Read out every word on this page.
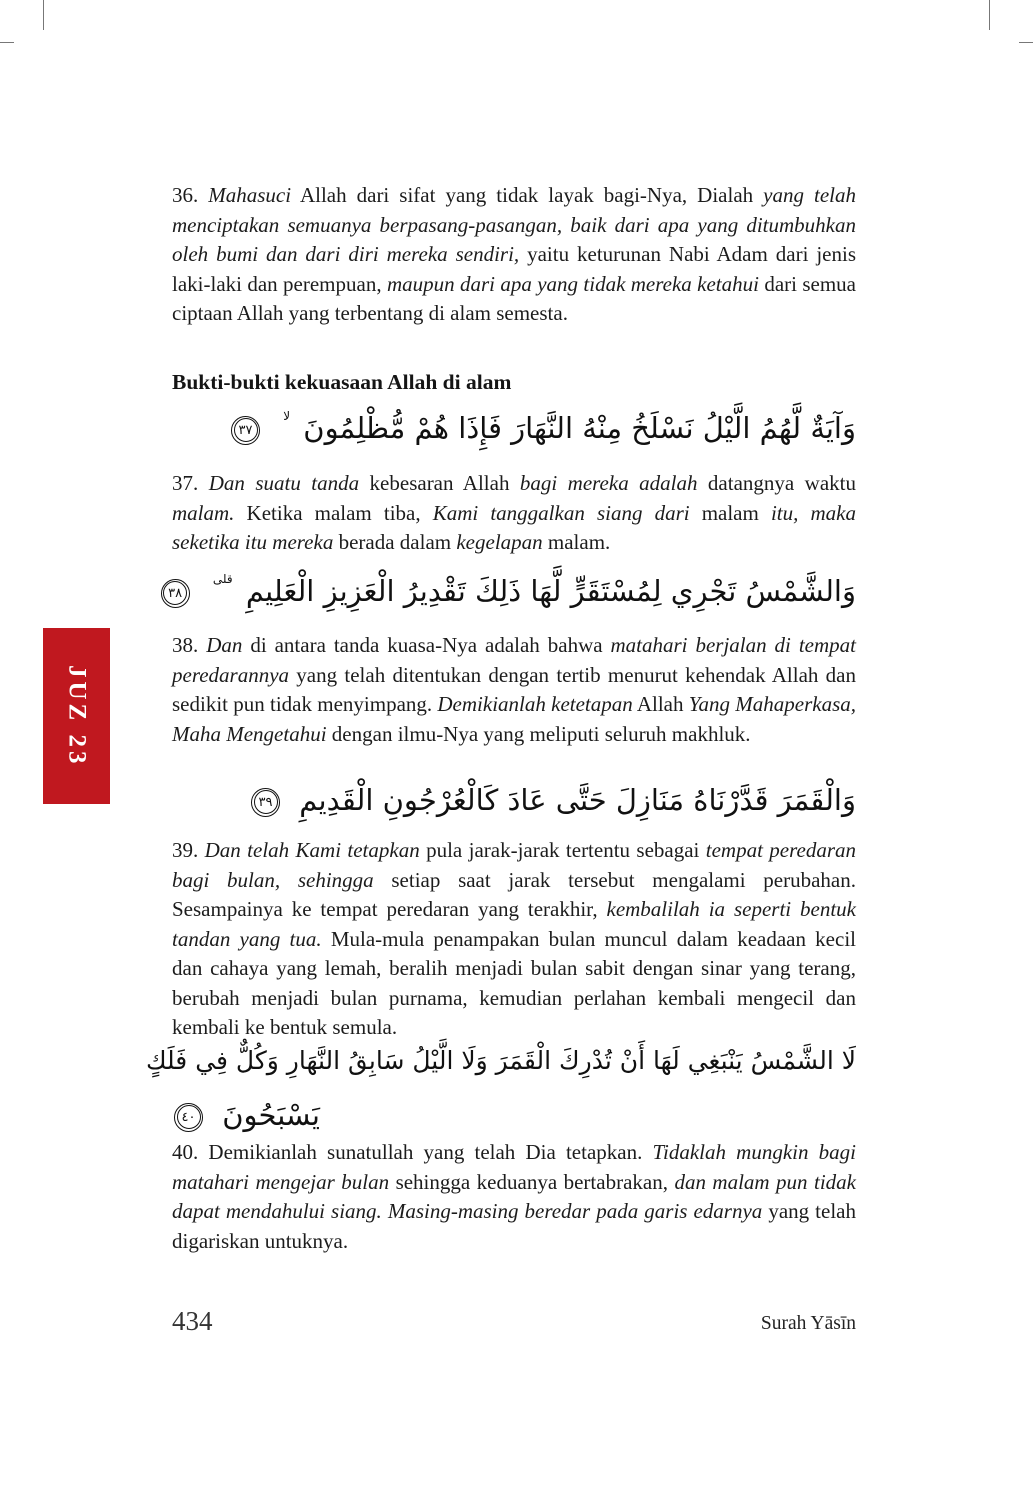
JUZ 23
36. Mahasuci Allah dari sifat yang tidak layak bagi-Nya, Dialah yang telah menciptakan semuanya berpasang-pasangan, baik dari apa yang ditumbuhkan oleh bumi dan dari diri mereka sendiri, yaitu keturunan Nabi Adam dari jenis laki-laki dan perempuan, maupun dari apa yang tidak mereka ketahui dari semua ciptaan Allah yang terbentang di alam semesta.
Bukti-bukti kekuasaan Allah di alam
وَآيَةٌ لَّهُمُ الَّيْلُ نَسْلَخُ مِنْهُ النَّهَارَ فَإِذَا هُمْ مُّظْلِمُونَ لا
٣٧
37. Dan suatu tanda kebesaran Allah bagi mereka adalah datangnya waktu malam. Ketika malam tiba, Kami tanggalkan siang dari malam itu, maka seketika itu mereka berada dalam kegelapan malam.
وَالشَّمْسُ تَجْرِي لِمُسْتَقَرٍّ لَّهَا ذَلِكَ تَقْدِيرُ الْعَزِيزِ الْعَلِيمِ قلى
٣٨
38. Dan di antara tanda kuasa-Nya adalah bahwa matahari berjalan di tempat peredarannya yang telah ditentukan dengan tertib menurut kehendak Allah dan sedikit pun tidak menyimpang. Demikianlah ketetapan Allah Yang Mahaperkasa, Maha Mengetahui dengan ilmu-Nya yang meliputi seluruh makhluk.
وَالْقَمَرَ قَدَّرْنَاهُ مَنَازِلَ حَتَّى عَادَ كَالْعُرْجُونِ الْقَدِيمِ
٣٩
39. Dan telah Kami tetapkan pula jarak-jarak tertentu sebagai tempat peredaran bagi bulan, sehingga setiap saat jarak tersebut mengalami perubahan. Sesampainya ke tempat peredaran yang terakhir, kembalilah ia seperti bentuk tandan yang tua. Mula-mula penampakan bulan muncul dalam keadaan kecil dan cahaya yang lemah, beralih menjadi bulan sabit dengan sinar yang terang, berubah menjadi bulan purnama, kemudian perlahan kembali mengecil dan kembali ke bentuk semula.
لَا الشَّمْسُ يَنْبَغِي لَهَا أَنْ تُدْرِكَ الْقَمَرَ وَلَا الَّيْلُ سَابِقُ النَّهَارِ وَكُلٌّ فِي فَلَكٍ
يَسْبَحُونَ
٤٠
40. Demikianlah sunatullah yang telah Dia tetapkan. Tidaklah mungkin bagi matahari mengejar bulan sehingga keduanya bertabrakan, dan malam pun tidak dapat mendahului siang. Masing-masing beredar pada garis edarnya yang telah digariskan untuknya.
434	Surah Yāsīn
